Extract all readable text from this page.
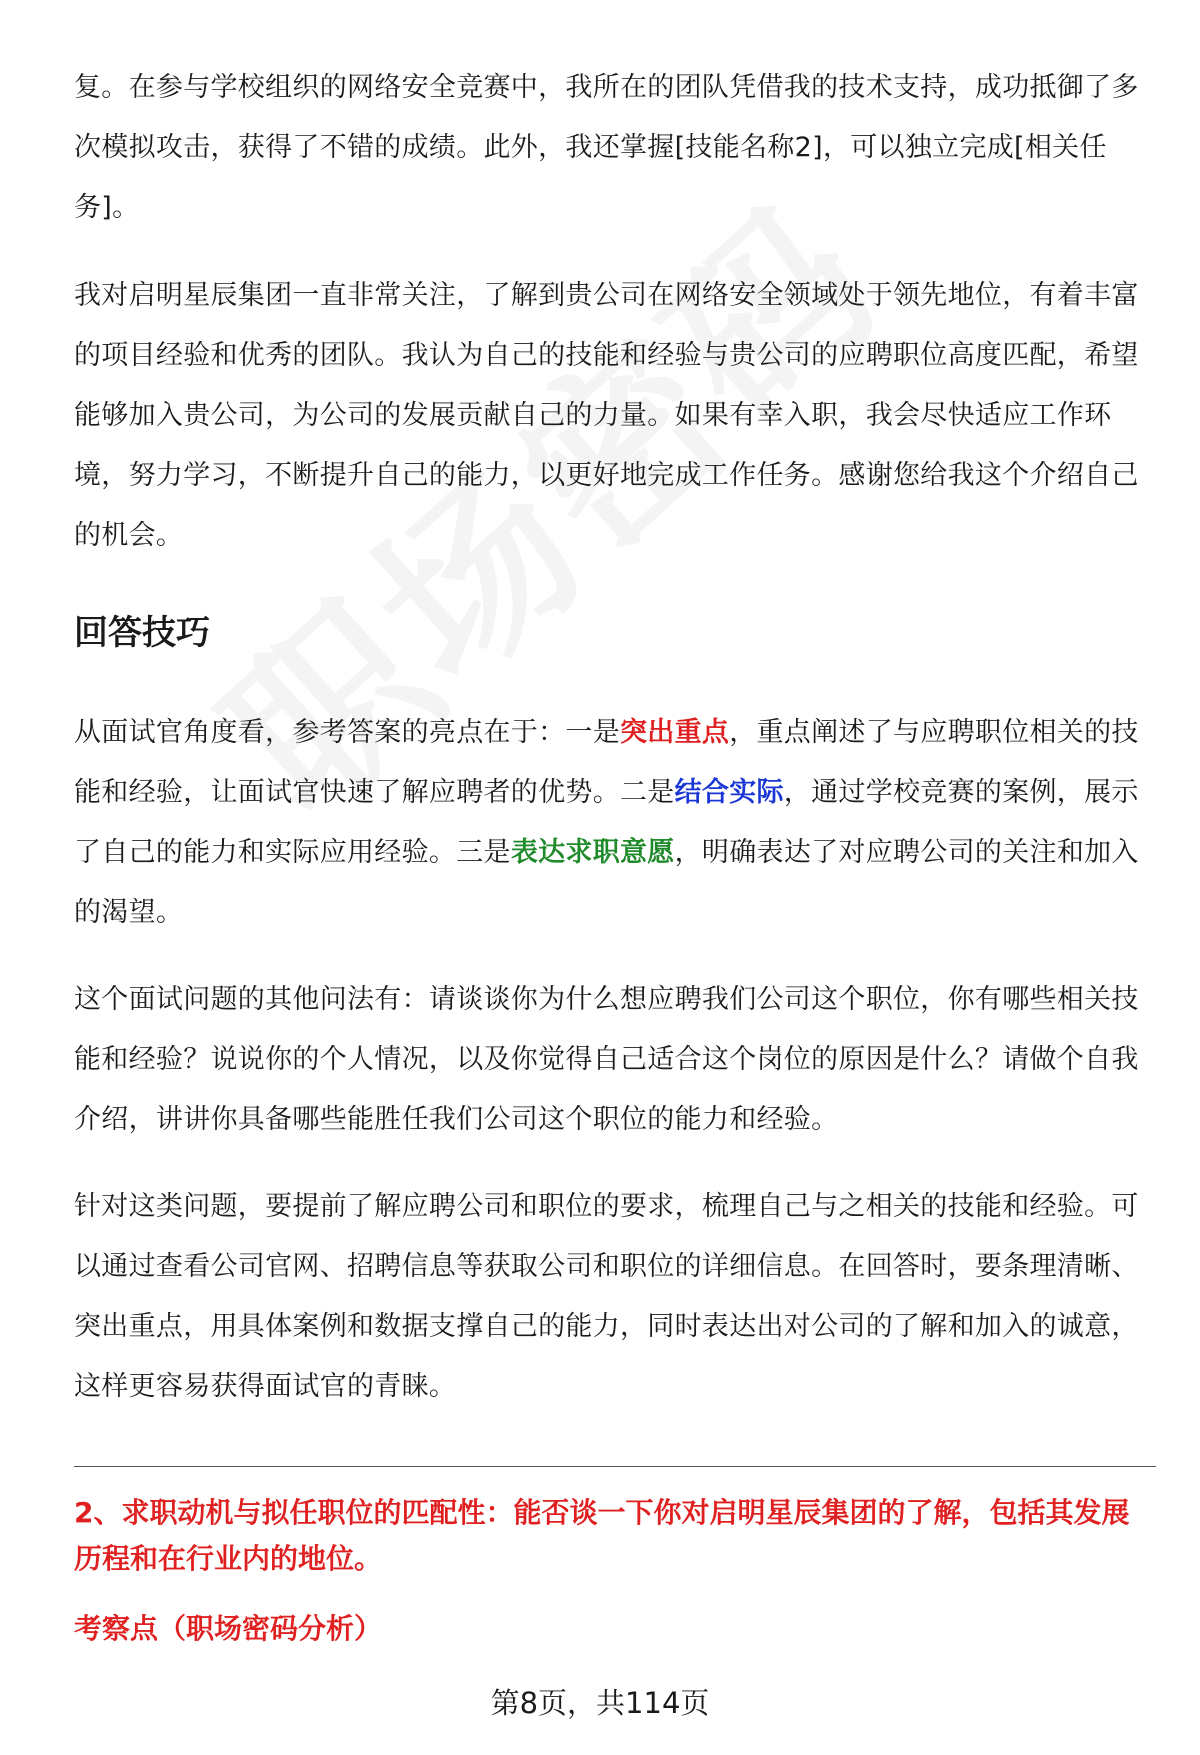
复。在参与学校组织的网络安全竞赛中，我所在的团队凭借我的技术支持，成功抵御了多次模拟攻击，获得了不错的成绩。此外，我还掌握[技能名称2]，可以独立完成[相关任务]。

我对启明星辰集团一直非常关注，了解到贵公司在网络安全领域处于领先地位，有着丰富的项目经验和优秀的团队。我认为自己的技能和经验与贵公司的应聘职位高度匹配，希望能够加入贵公司，为公司的发展贡献自己的力量。如果有幸入职，我会尽快适应工作环境，努力学习，不断提升自己的能力，以更好地完成工作任务。感谢您给我这个介绍自己的机会。

回答技巧

从面试官角度看，参考答案的亮点在于：一是突出重点，重点阐述了与应聘职位相关的技能和经验，让面试官快速了解应聘者的优势。二是结合实际，通过学校竞赛的案例，展示了自己的能力和实际应用经验。三是表达求职意愿，明确表达了对应聘公司的关注和加入的渴望。

这个面试问题的其他问法有：请谈谈你为什么想应聘我们公司这个职位，你有哪些相关技能和经验？说说你的个人情况，以及你觉得自己适合这个岗位的原因是什么？请做个自我介绍，讲讲你具备哪些能胜任我们公司这个职位的能力和经验。

针对这类问题，要提前了解应聘公司和职位的要求，梳理自己与之相关的技能和经验。可以通过查看公司官网、招聘信息等获取公司和职位的详细信息。在回答时，要条理清晰、突出重点，用具体案例和数据支撑自己的能力，同时表达出对公司的了解和加入的诚意，这样更容易获得面试官的青睐。

2、求职动机与拟任职位的匹配性：能否谈一下你对启明星辰集团的了解，包括其发展历程和在行业内的地位。

考察点（职场密码分析）

第8页，共114页
